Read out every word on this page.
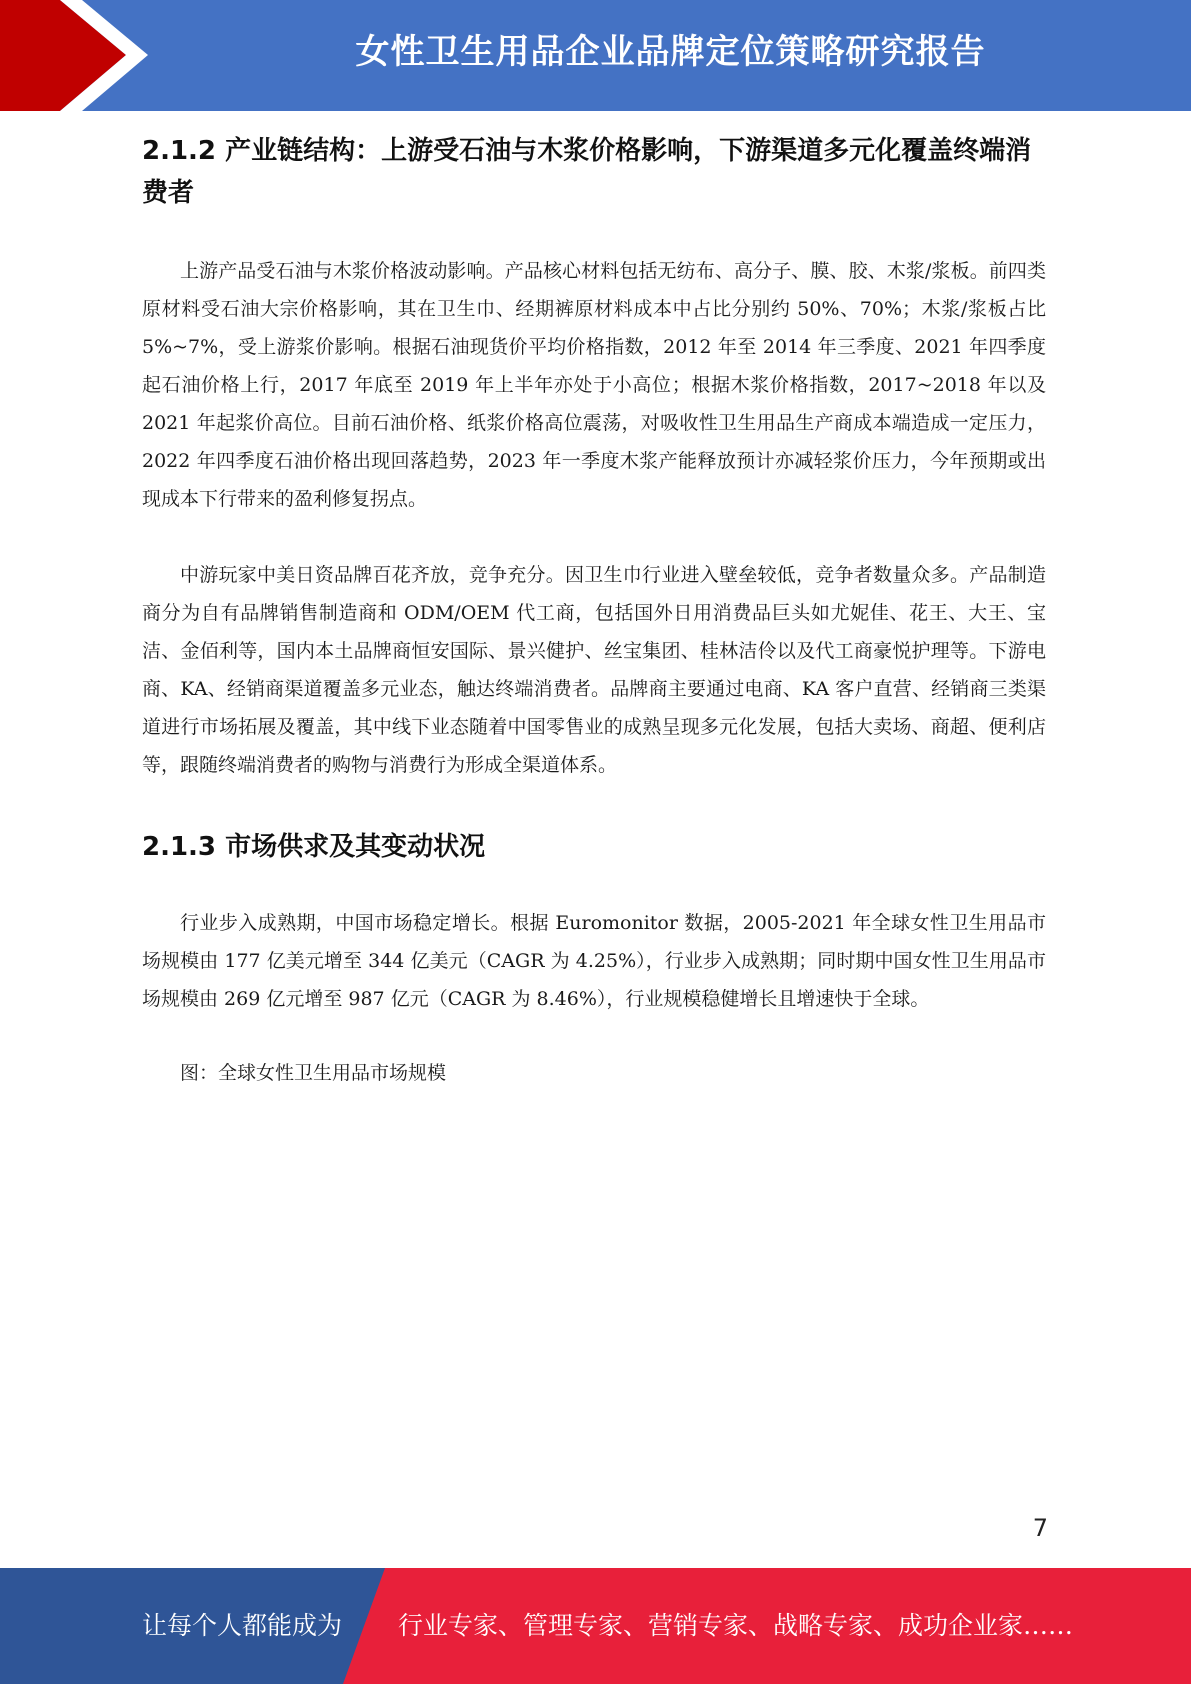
女性卫生用品企业品牌定位策略研究报告
2.1.2 产业链结构：上游受石油与木浆价格影响，下游渠道多元化覆盖终端消费者

上游产品受石油与木浆价格波动影响。产品核心材料包括无纺布、高分子、膜、胶、木浆/浆板。前四类原材料受石油大宗价格影响，其在卫生巾、经期裤原材料成本中占比分别约 50%、70%；木浆/浆板占比 5%~7%，受上游浆价影响。根据石油现货价平均价格指数，2012 年至 2014 年三季度、2021 年四季度起石油价格上行，2017 年底至 2019 年上半年亦处于小高位；根据木浆价格指数，2017~2018 年以及 2021 年起浆价高位。目前石油价格、纸浆价格高位震荡，对吸收性卫生用品生产商成本端造成一定压力，2022 年四季度石油价格出现回落趋势，2023 年一季度木浆产能释放预计亦减轻浆价压力，今年预期或出现成本下行带来的盈利修复拐点。

中游玩家中美日资品牌百花齐放，竞争充分。因卫生巾行业进入壁垒较低，竞争者数量众多。产品制造商分为自有品牌销售制造商和 ODM/OEM 代工商，包括国外日用消费品巨头如尤妮佳、花王、大王、宝洁、金佰利等，国内本土品牌商恒安国际、景兴健护、丝宝集团、桂林洁伶以及代工商豪悦护理等。下游电商、KA、经销商渠道覆盖多元业态，触达终端消费者。品牌商主要通过电商、KA 客户直营、经销商三类渠道进行市场拓展及覆盖，其中线下业态随着中国零售业的成熟呈现多元化发展，包括大卖场、商超、便利店等，跟随终端消费者的购物与消费行为形成全渠道体系。

2.1.3 市场供求及其变动状况

行业步入成熟期，中国市场稳定增长。根据 Euromonitor 数据，2005-2021 年全球女性卫生用品市场规模由 177 亿美元增至 344 亿美元（CAGR 为 4.25%），行业步入成熟期；同时期中国女性卫生用品市场规模由 269 亿元增至 987 亿元（CAGR 为 8.46%），行业规模稳健增长且增速快于全球。

图：全球女性卫生用品市场规模

7
让每个人都能成为 行业专家、管理专家、营销专家、战略专家、成功企业家……
